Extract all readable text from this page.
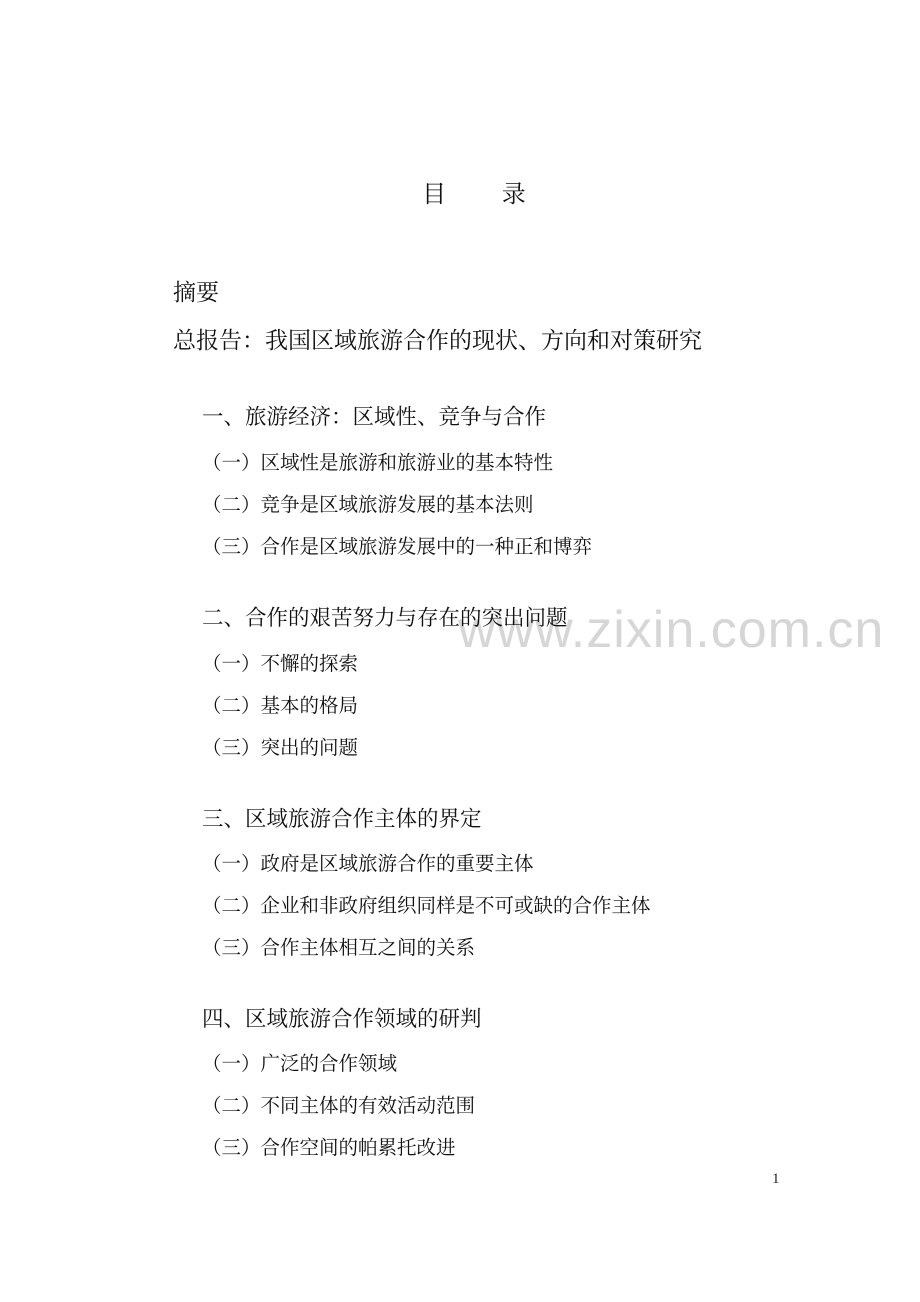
www.zixin.com.cn
目 录
摘要
总报告：我国区域旅游合作的现状、方向和对策研究
一、旅游经济：区域性、竞争与合作
（一）区域性是旅游和旅游业的基本特性
（二）竞争是区域旅游发展的基本法则
（三）合作是区域旅游发展中的一种正和博弈
二、合作的艰苦努力与存在的突出问题
（一）不懈的探索
（二）基本的格局
（三）突出的问题
三、区域旅游合作主体的界定
（一）政府是区域旅游合作的重要主体
（二）企业和非政府组织同样是不可或缺的合作主体
（三）合作主体相互之间的关系
四、区域旅游合作领域的研判
（一）广泛的合作领域
（二）不同主体的有效活动范围
（三）合作空间的帕累托改进
1
